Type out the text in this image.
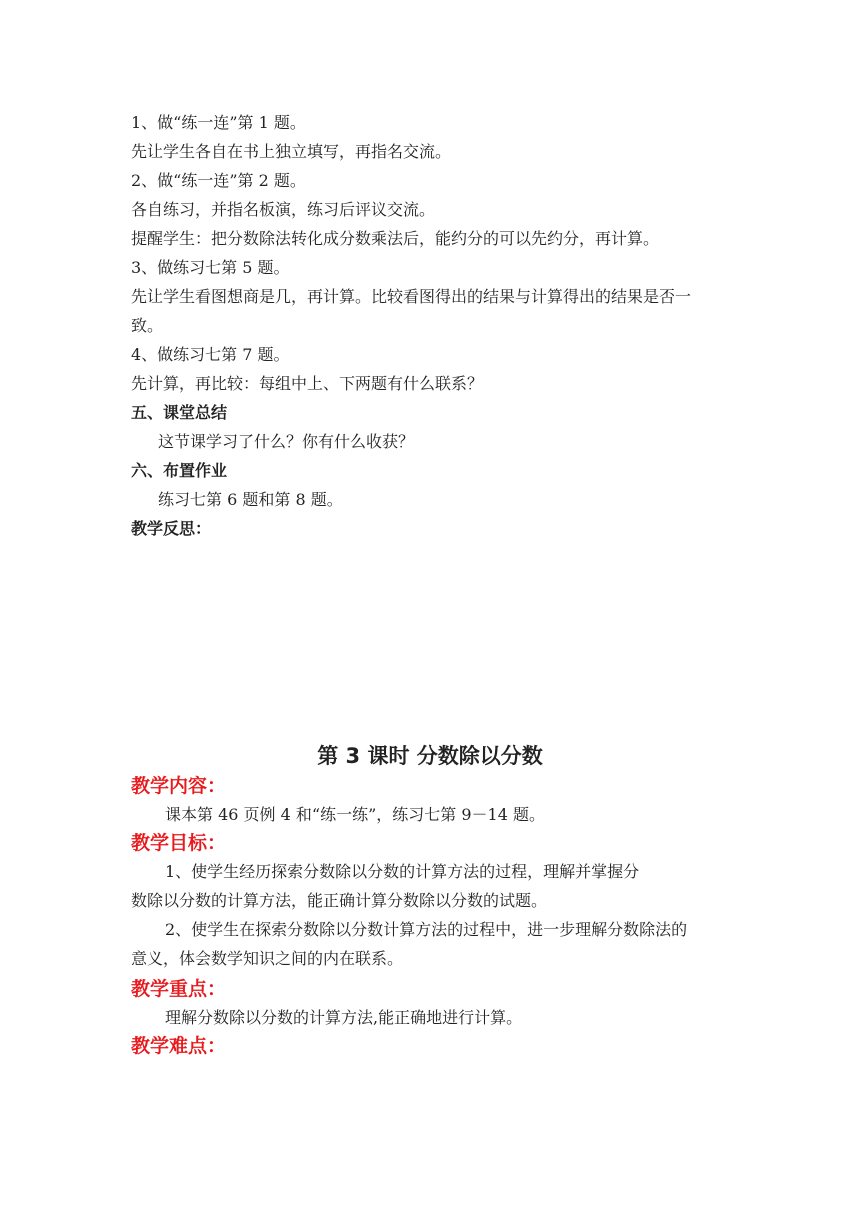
1、做“练一连”第 1 题。

先让学生各自在书上独立填写，再指名交流。

2、做“练一连”第 2 题。

各自练习，并指名板演，练习后评议交流。

提醒学生：把分数除法转化成分数乘法后，能约分的可以先约分，再计算。

3、做练习七第 5 题。

先让学生看图想商是几，再计算。比较看图得出的结果与计算得出的结果是否一

致。

4、做练习七第 7 题。

先计算，再比较：每组中上、下两题有什么联系？

五、课堂总结

这节课学习了什么？你有什么收获？

六、布置作业

练习七第 6 题和第 8 题。

教学反思：

第 3 课时 分数除以分数

教学内容：

课本第 46 页例 4 和“练一练”，练习七第 9－14 题。

教学目标：

1、使学生经历探索分数除以分数的计算方法的过程，理解并掌握分

数除以分数的计算方法，能正确计算分数除以分数的试题。

2、使学生在探索分数除以分数计算方法的过程中，进一步理解分数除法的

意义，体会数学知识之间的内在联系。

教学重点：

理解分数除以分数的计算方法,能正确地进行计算。

教学难点：
